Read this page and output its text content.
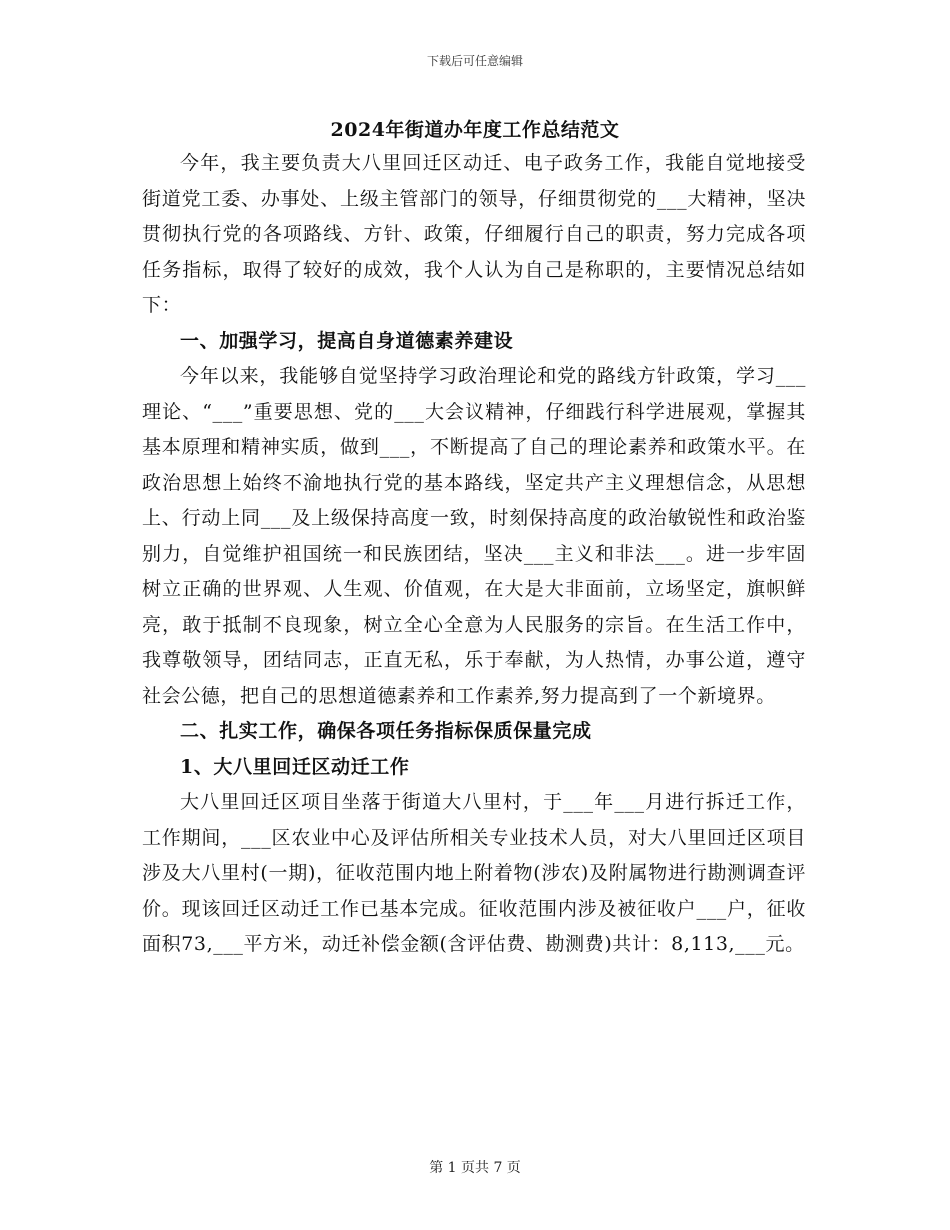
下载后可任意编辑
2024年街道办年度工作总结范文

今年，我主要负责大八里回迁区动迁、电子政务工作，我能自觉地接受街道党工委、办事处、上级主管部门的领导，仔细贯彻党的___大精神，坚决贯彻执行党的各项路线、方针、政策，仔细履行自己的职责，努力完成各项任务指标，取得了较好的成效，我个人认为自己是称职的，主要情况总结如下：

一、加强学习，提高自身道德素养建设

今年以来，我能够自觉坚持学习政治理论和党的路线方针政策，学习___理论、“___”重要思想、党的___大会议精神，仔细践行科学进展观，掌握其基本原理和精神实质，做到___，不断提高了自己的理论素养和政策水平。在政治思想上始终不渝地执行党的基本路线，坚定共产主义理想信念，从思想上、行动上同___及上级保持高度一致，时刻保持高度的政治敏锐性和政治鉴别力，自觉维护祖国统一和民族团结，坚决___主义和非法___。进一步牢固树立正确的世界观、人生观、价值观，在大是大非面前，立场坚定，旗帜鲜亮，敢于抵制不良现象，树立全心全意为人民服务的宗旨。在生活工作中，我尊敬领导，团结同志，正直无私，乐于奉献，为人热情，办事公道，遵守社会公德，把自己的思想道德素养和工作素养,努力提高到了一个新境界。

二、扎实工作，确保各项任务指标保质保量完成

1、大八里回迁区动迁工作

大八里回迁区项目坐落于街道大八里村，于___年___月进行拆迁工作，工作期间，___区农业中心及评估所相关专业技术人员，对大八里回迁区项目涉及大八里村(一期)，征收范围内地上附着物(涉农)及附属物进行勘测调查评价。现该回迁区动迁工作已基本完成。征收范围内涉及被征收户___户，征收面积73,___平方米，动迁补偿金额(含评估费、勘测费)共计：8,113,___元。

第 1 页共 7 页
